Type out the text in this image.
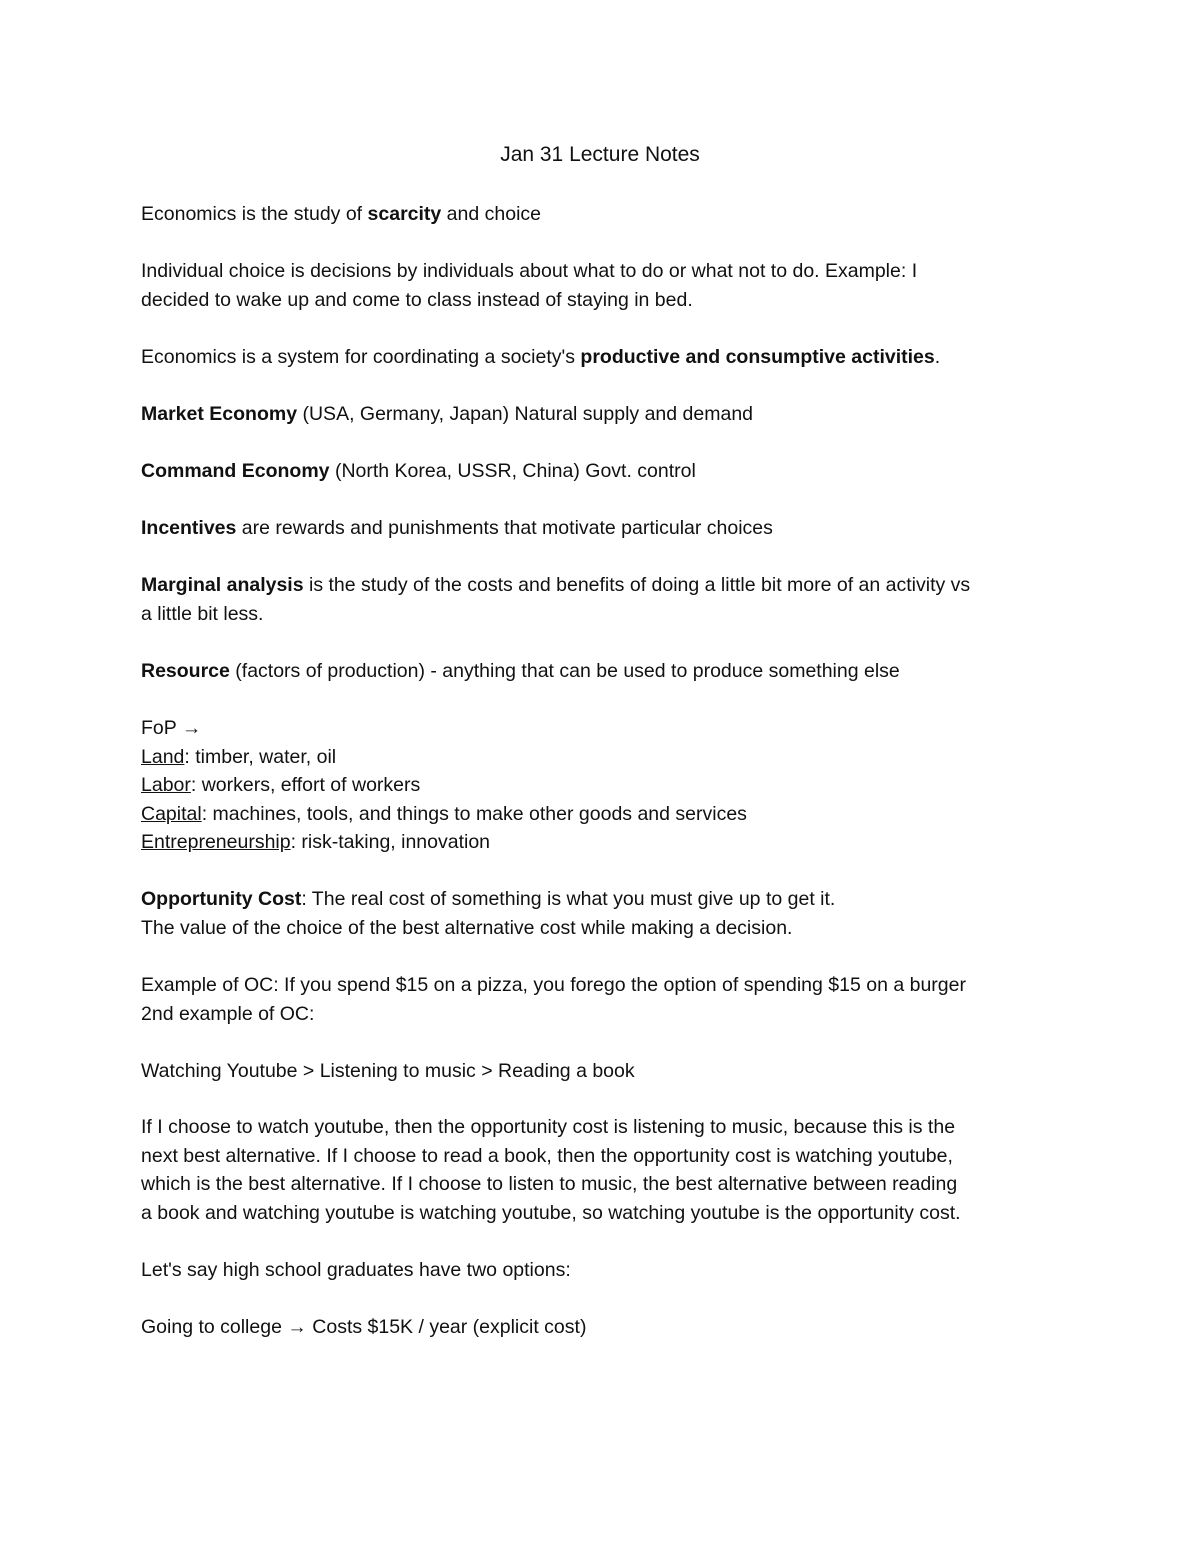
Jan 31 Lecture Notes
Economics is the study of scarcity and choice
Individual choice is decisions by individuals about what to do or what not to do. Example: I
decided to wake up and come to class instead of staying in bed.
Economics is a system for coordinating a society's productive and consumptive activities.
Market Economy (USA, Germany, Japan) Natural supply and demand
Command Economy (North Korea, USSR, China) Govt. control
Incentives are rewards and punishments that motivate particular choices
Marginal analysis is the study of the costs and benefits of doing a little bit more of an activity vs
a little bit less.
Resource (factors of production) - anything that can be used to produce something else
FoP →
Land: timber, water, oil
Labor: workers, effort of workers
Capital: machines, tools, and things to make other goods and services
Entrepreneurship: risk-taking, innovation
Opportunity Cost: The real cost of something is what you must give up to get it.
The value of the choice of the best alternative cost while making a decision.
Example of OC: If you spend $15 on a pizza, you forego the option of spending $15 on a burger
2nd example of OC:
Watching Youtube > Listening to music > Reading a book
If I choose to watch youtube, then the opportunity cost is listening to music, because this is the
next best alternative. If I choose to read a book, then the opportunity cost is watching youtube,
which is the best alternative. If I choose to listen to music, the best alternative between reading
a book and watching youtube is watching youtube, so watching youtube is the opportunity cost.
Let's say high school graduates have two options:
Going to college → Costs $15K / year (explicit cost)
